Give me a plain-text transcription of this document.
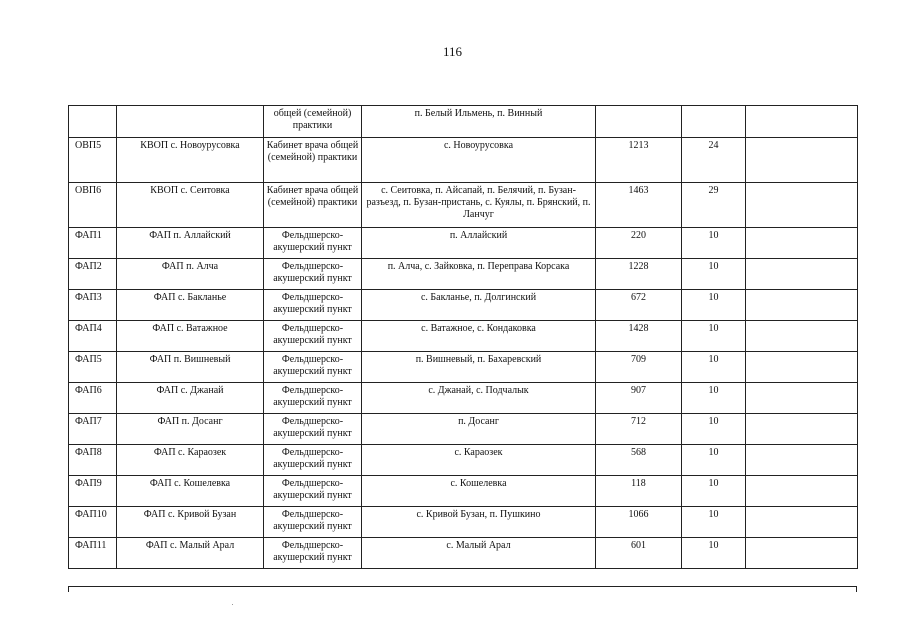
116
		общей (семейной) практики	п. Белый Ильмень, п. Винный			
ОВП5	КВОП с. Новоурусовка	Кабинет врача общей (семейной) практики	с. Новоурусовка	1213	24	
ОВП6	КВОП с. Сеитовка	Кабинет врача общей (семейной) практики	с. Сеитовка, п. Айсапай, п. Белячий, п. Бузан-разъезд, п. Бузан-пристань, с. Куялы, п. Брянский, п. Ланчуг	1463	29	
ФАП1	ФАП п. Аллайский	Фельдшерско-акушерский пункт	п. Аллайский	220	10	
ФАП2	ФАП п. Алча	Фельдшерско-акушерский пункт	п. Алча, с. Зайковка, п. Переправа Корсака	1228	10	
ФАП3	ФАП с. Бакланье	Фельдшерско-акушерский пункт	с. Бакланье, п. Долгинский	672	10	
ФАП4	ФАП с. Ватажное	Фельдшерско-акушерский пункт	с. Ватажное, с. Кондаковка	1428	10	
ФАП5	ФАП п. Вишневый	Фельдшерско-акушерский пункт	п. Вишневый, п. Бахаревский	709	10	
ФАП6	ФАП с. Джанай	Фельдшерско-акушерский пункт	с. Джанай, с. Подчалык	907	10	
ФАП7	ФАП п. Досанг	Фельдшерско-акушерский пункт	п. Досанг	712	10	
ФАП8	ФАП с. Караозек	Фельдшерско-акушерский пункт	с. Караозек	568	10	
ФАП9	ФАП с. Кошелевка	Фельдшерско-акушерский пункт	с. Кошелевка	118	10	
ФАП10	ФАП с. Кривой Бузан	Фельдшерско-акушерский пункт	с. Кривой Бузан, п. Пушкино	1066	10	
ФАП11	ФАП с. Малый Арал	Фельдшерско-акушерский пункт	с. Малый Арал	601	10	
